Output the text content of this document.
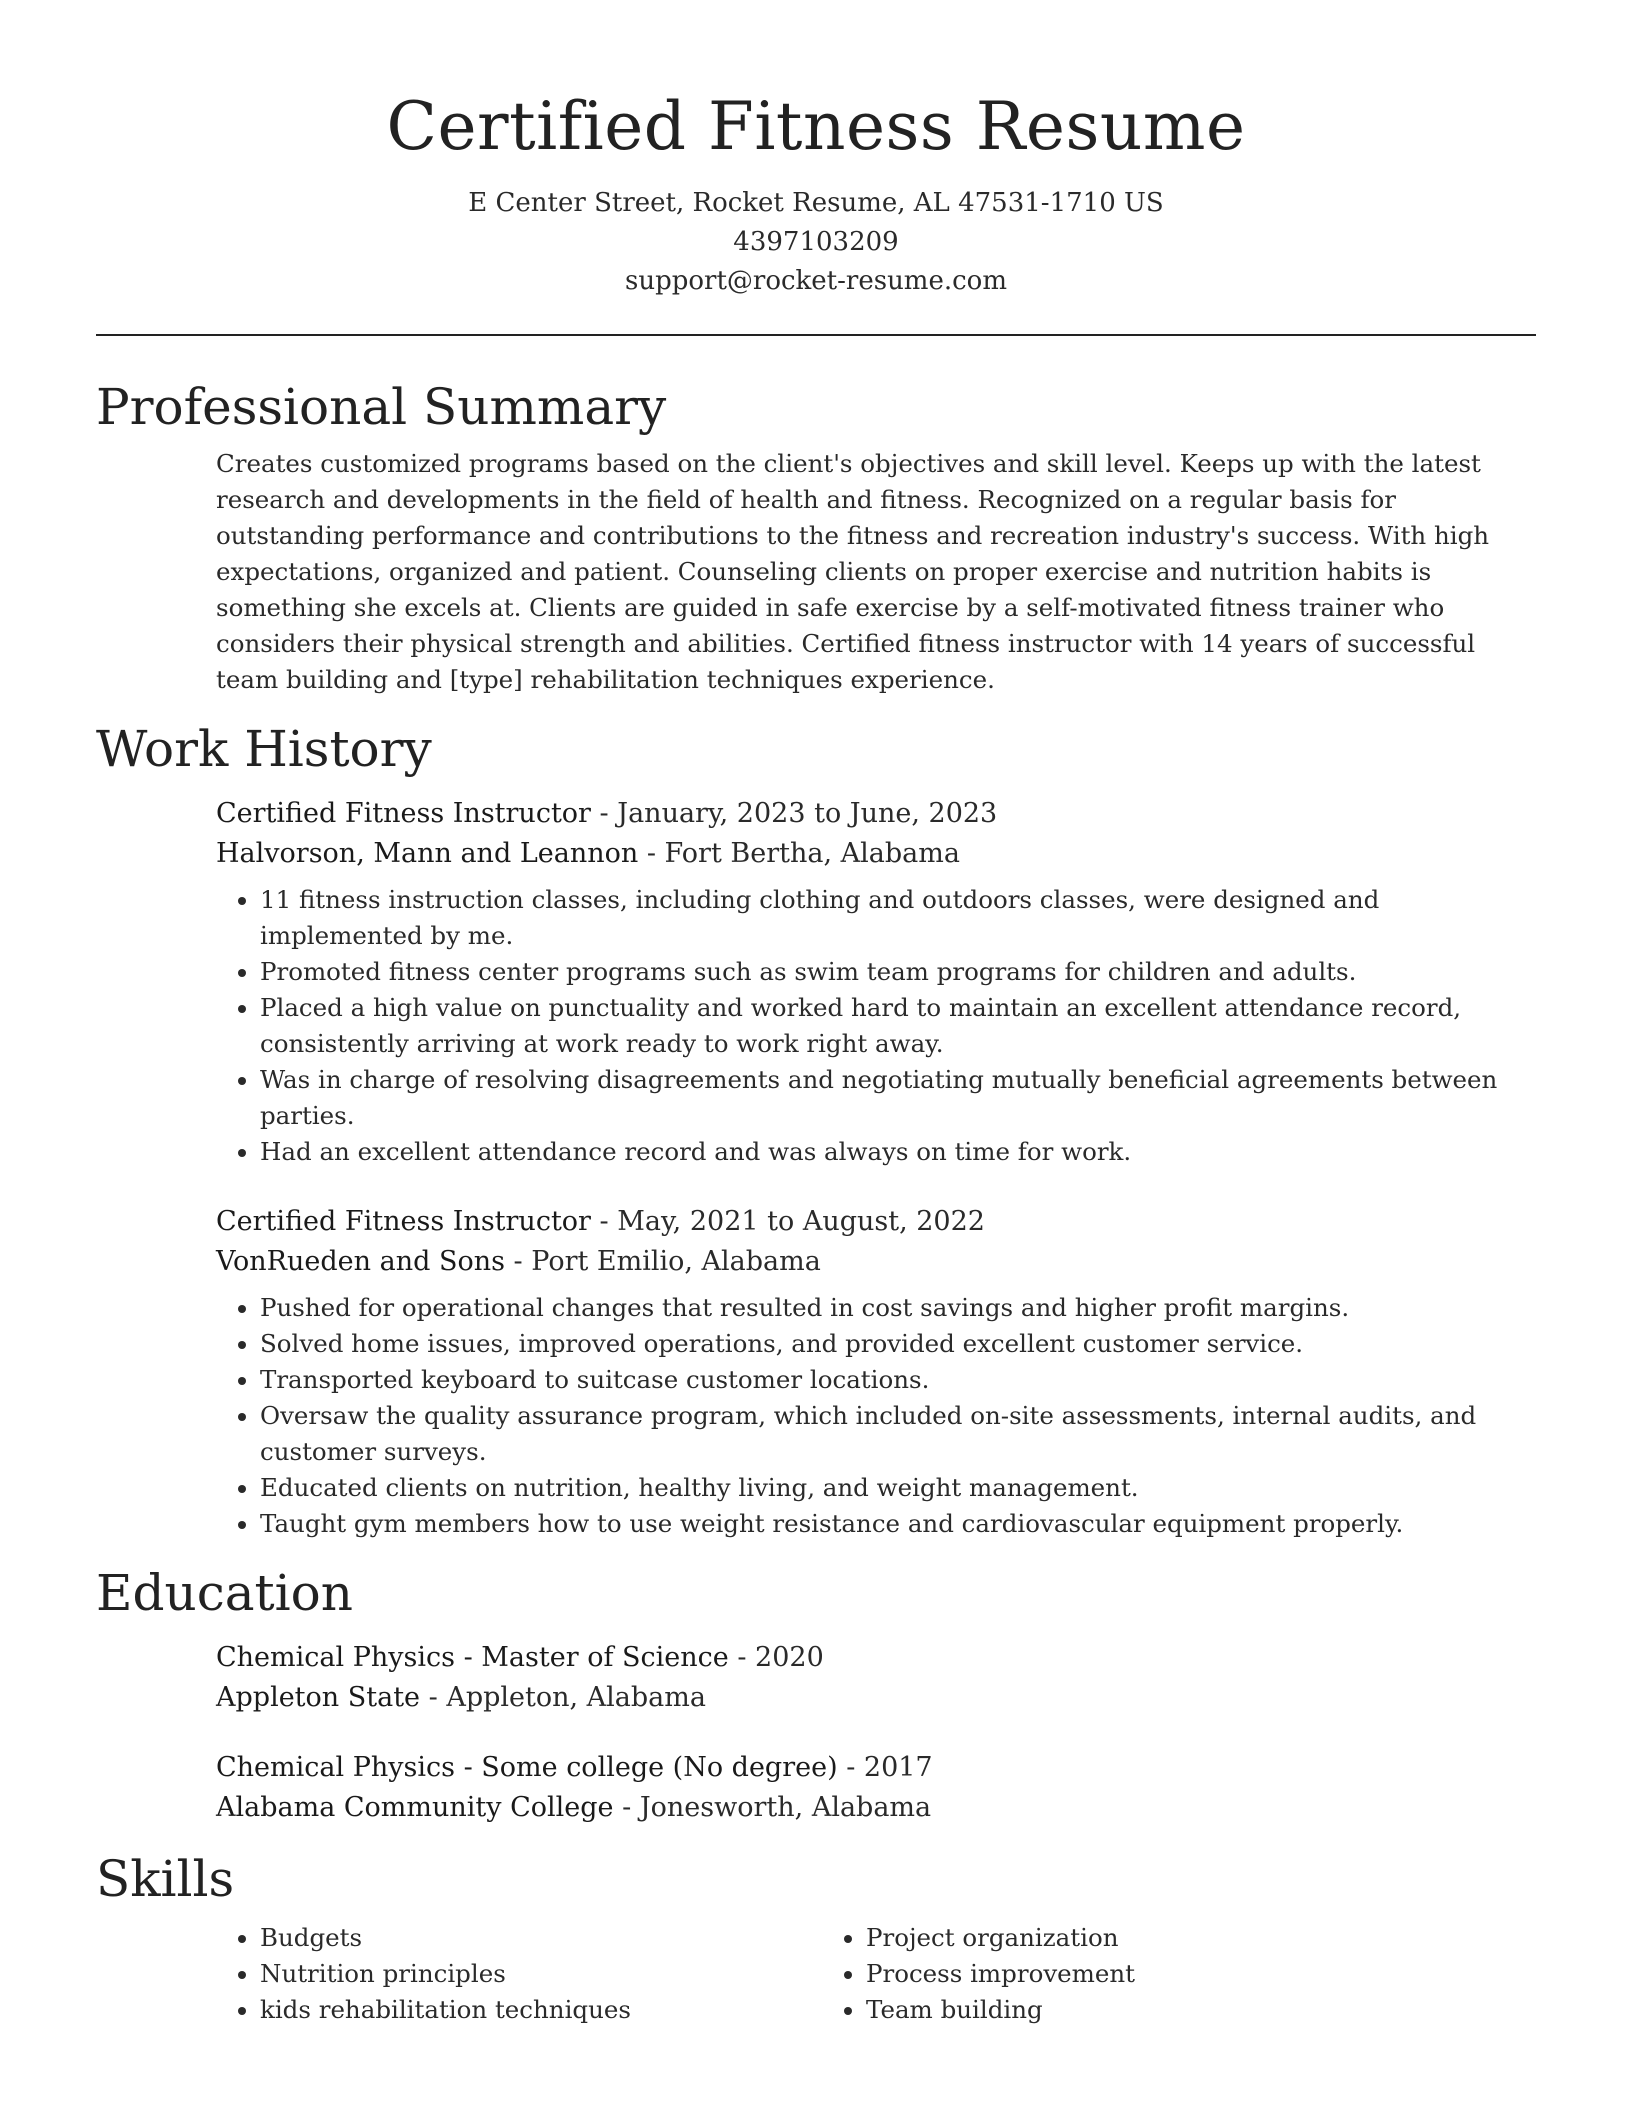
Certified Fitness Resume
E Center Street, Rocket Resume, AL 47531-1710 US
4397103209
support@rocket-resume.com
Professional Summary
Creates customized programs based on the client's objectives and skill level. Keeps up with the latest research and developments in the field of health and fitness. Recognized on a regular basis for outstanding performance and contributions to the fitness and recreation industry's success. With high expectations, organized and patient. Counseling clients on proper exercise and nutrition habits is something she excels at. Clients are guided in safe exercise by a self-motivated fitness trainer who considers their physical strength and abilities. Certified fitness instructor with 14 years of successful team building and [type] rehabilitation techniques experience.
Work History
Certified Fitness Instructor - January, 2023 to June, 2023
Halvorson, Mann and Leannon - Fort Bertha, Alabama
• 11 fitness instruction classes, including clothing and outdoors classes, were designed and implemented by me.
• Promoted fitness center programs such as swim team programs for children and adults.
• Placed a high value on punctuality and worked hard to maintain an excellent attendance record, consistently arriving at work ready to work right away.
• Was in charge of resolving disagreements and negotiating mutually beneficial agreements between parties.
• Had an excellent attendance record and was always on time for work.
Certified Fitness Instructor - May, 2021 to August, 2022
VonRueden and Sons - Port Emilio, Alabama
• Pushed for operational changes that resulted in cost savings and higher profit margins.
• Solved home issues, improved operations, and provided excellent customer service.
• Transported keyboard to suitcase customer locations.
• Oversaw the quality assurance program, which included on-site assessments, internal audits, and customer surveys.
• Educated clients on nutrition, healthy living, and weight management.
• Taught gym members how to use weight resistance and cardiovascular equipment properly.
Education
Chemical Physics - Master of Science - 2020
Appleton State - Appleton, Alabama
Chemical Physics - Some college (No degree) - 2017
Alabama Community College - Jonesworth, Alabama
Skills
• Budgets
• Nutrition principles
• kids rehabilitation techniques
• Project organization
• Process improvement
• Team building
